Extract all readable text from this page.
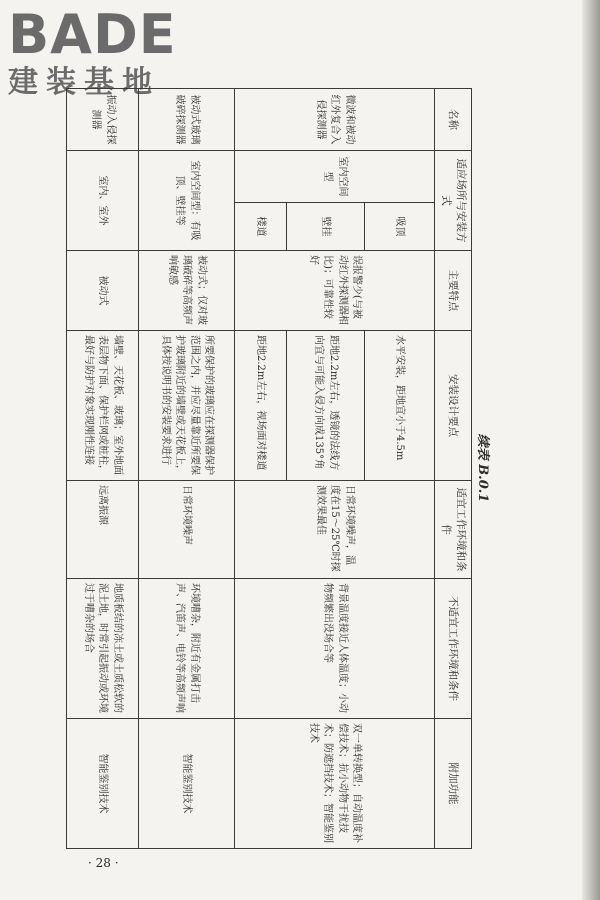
BADE
建装基地
续表 B.0.1
名称	适应场所与安装方式		主要特点	安装设计要点	适宜工作环境和条件	不适宜工作环境和条件	附加功能
微波和被动红外复合入侵探测器	室内空间型	吸顶	误报警少(与被动红外探测器相比)；可靠性较好	水平安装，距地宜小于4.5m	日常环境噪声，温度在15～25℃时探测效果最佳	背景温度接近人体温度；小动物频繁出没场合等	双一单转换型；自动温度补偿技术；抗小动物干扰技术；防遮挡技术；智能鉴别技术
		壁挂		距地2.2m左右，透镜的法线方向宜与可能入侵方向成135°角			
		楼道		距地2.2m左右，视场面对楼道			
被动式玻璃破碎探测器	室内空间型：有吸顶、壁挂等		被动式；仅对玻璃破碎等高频声响敏感	所要保护的玻璃应在探测器保护范围之内，并应尽量靠近所要保护玻璃附近的墙壁或天花板上，具体按说明书的安装要求进行	日常环境噪声	环境嘈杂，附近有金属打击声、汽笛声、电铃等高频声响	智能鉴别技术
振动入侵探测器	室内、室外		被动式	墙壁、天花板、玻璃；室外地面表层物下面、保护栏网或桩柱，最好与防护对象实现刚性连接	远离振源	地质板结的冻土或土质松软的泥土地，时常引起振动或环境过于嘈杂的场合	智能鉴别技术
· 28 ·
